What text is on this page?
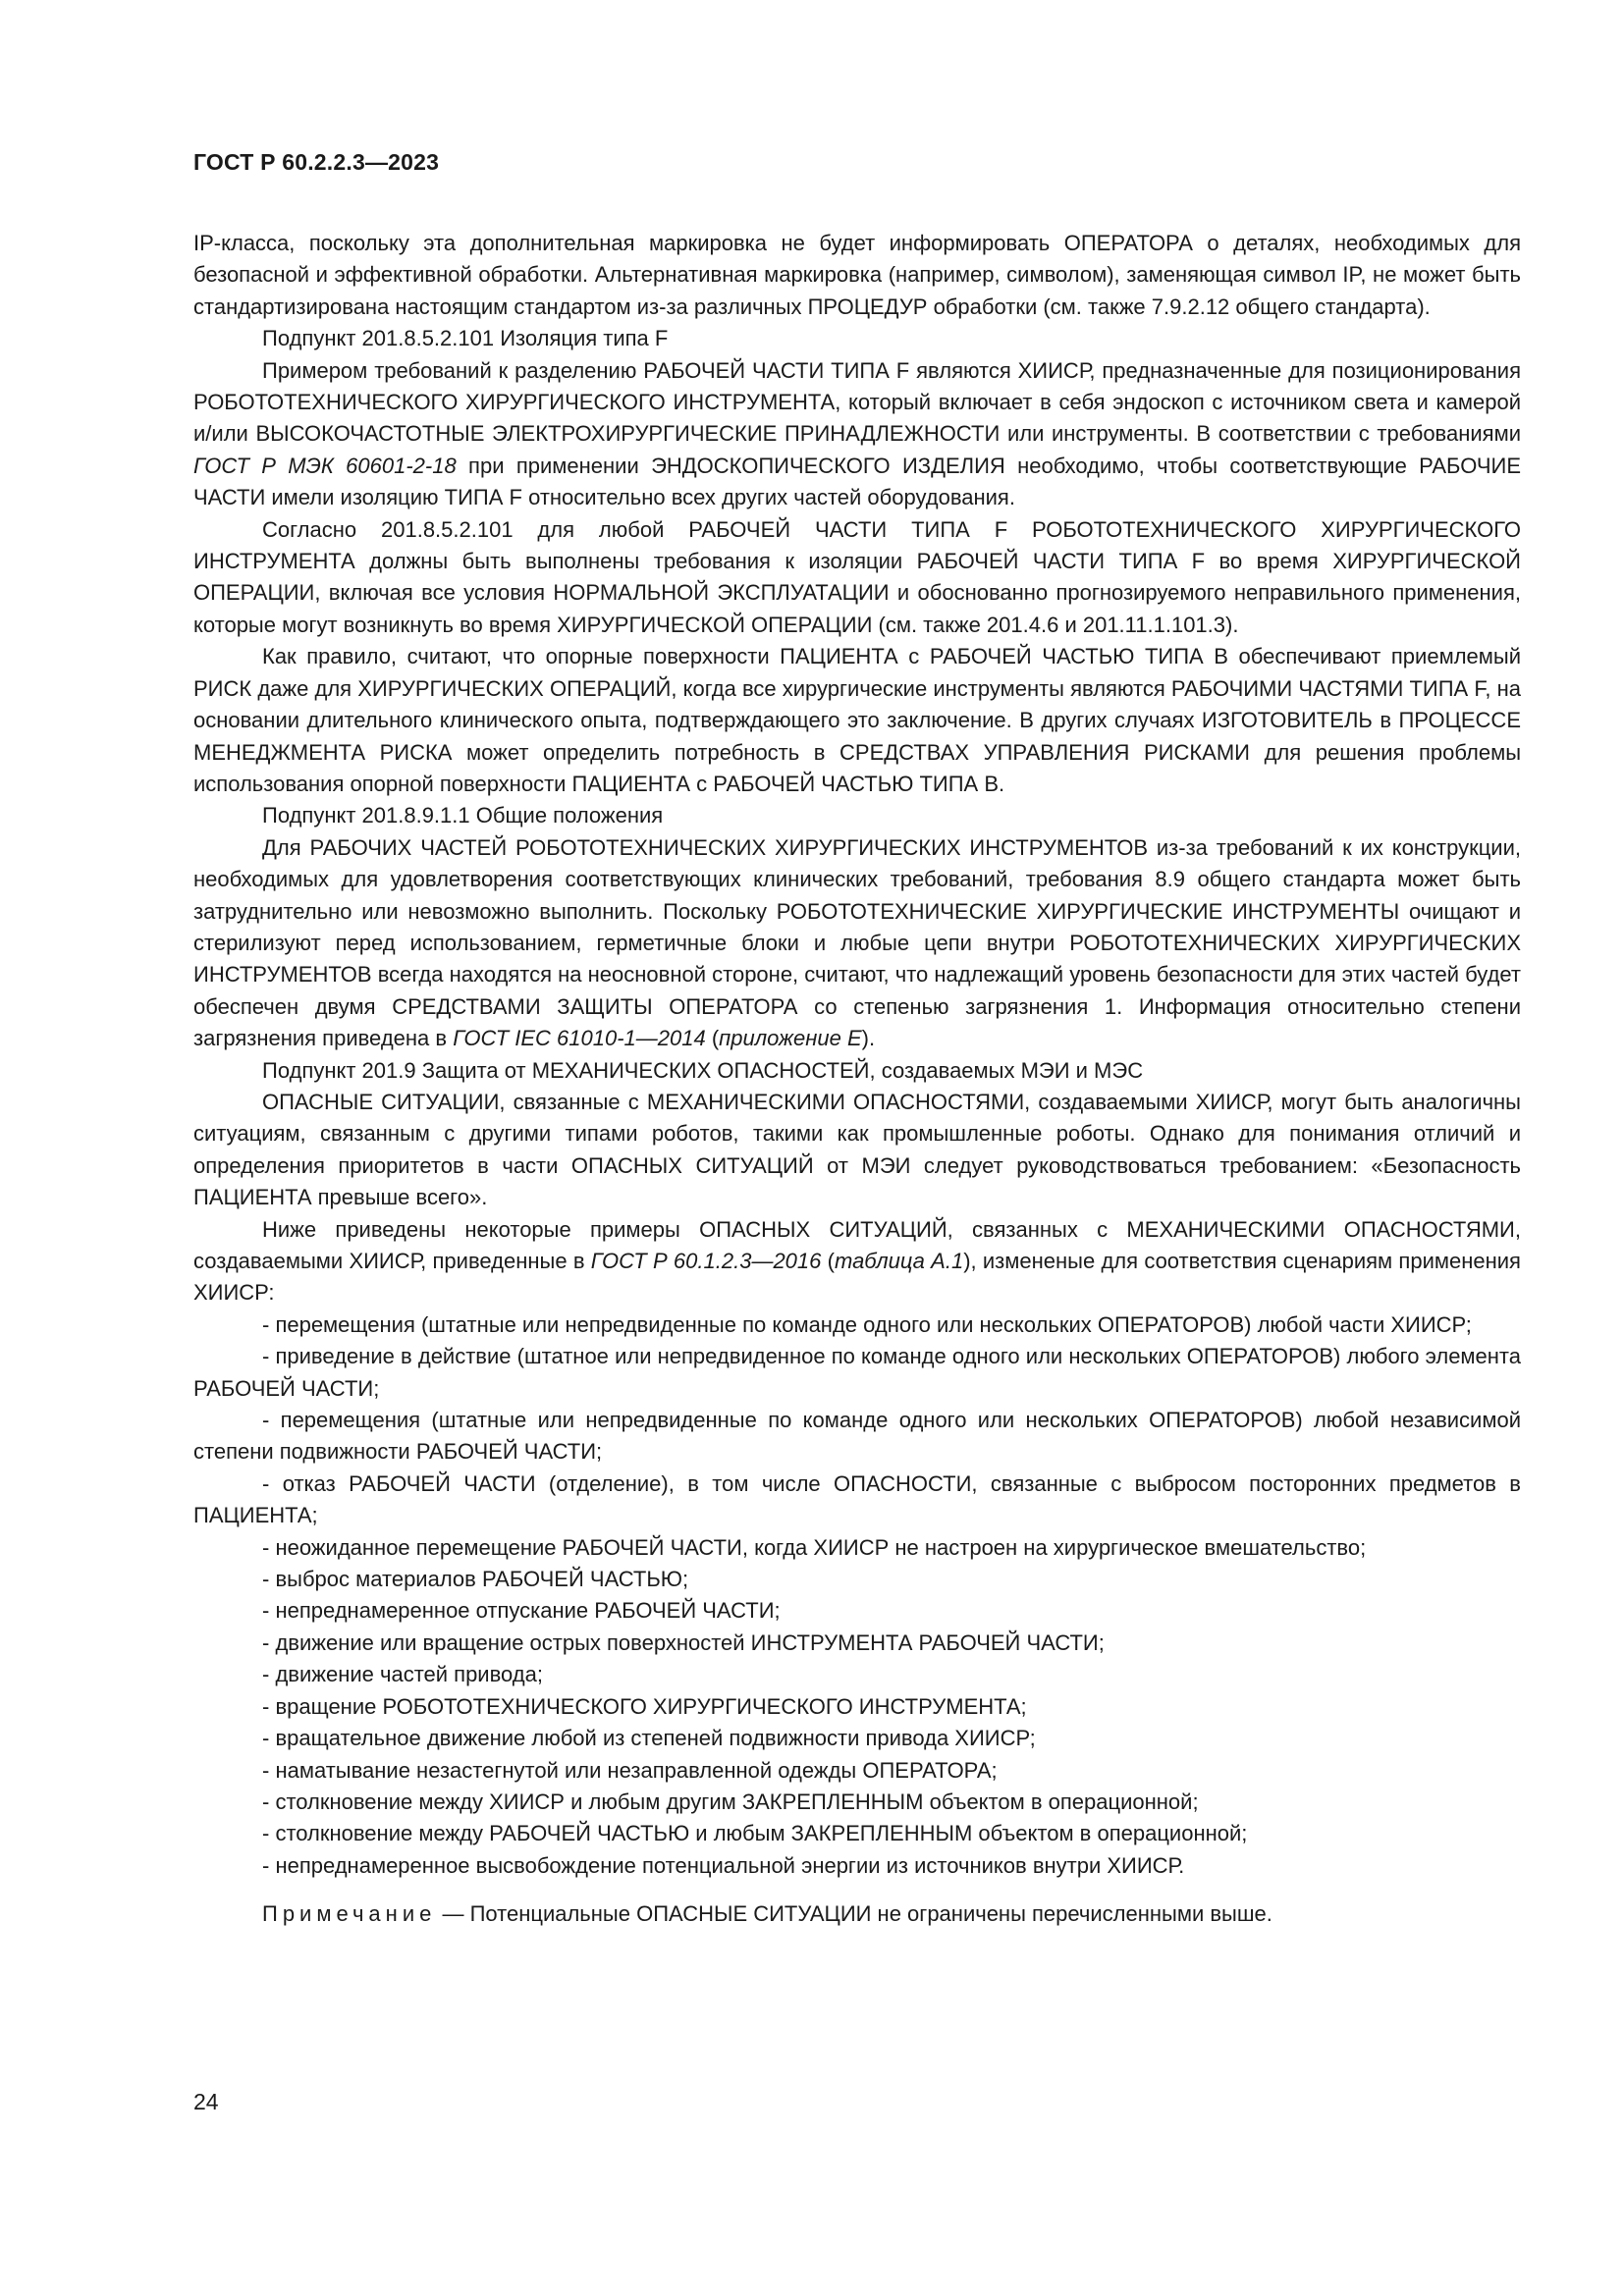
ГОСТ Р 60.2.2.3—2023

IP-класса, поскольку эта дополнительная маркировка не будет информировать ОПЕРАТОРА о деталях, необходимых для безопасной и эффективной обработки. Альтернативная маркировка (например, символом), заменяющая символ IP, не может быть стандартизирована настоящим стандартом из-за различных ПРОЦЕДУР обработки (см. также 7.9.2.12 общего стандарта).

Подпункт 201.8.5.2.101 Изоляция типа F

Примером требований к разделению РАБОЧЕЙ ЧАСТИ ТИПА F являются ХИИСР, предназначенные для позиционирования РОБОТОТЕХНИЧЕСКОГО ХИРУРГИЧЕСКОГО ИНСТРУМЕНТА, который включает в себя эндоскоп с источником света и камерой и/или ВЫСОКОЧАСТОТНЫЕ ЭЛЕКТРОХИРУРГИЧЕСКИЕ ПРИНАДЛЕЖНОСТИ или инструменты. В соответствии с требованиями ГОСТ Р МЭК 60601-2-18 при применении ЭНДОСКОПИЧЕСКОГО ИЗДЕЛИЯ необходимо, чтобы соответствующие РАБОЧИЕ ЧАСТИ имели изоляцию ТИПА F относительно всех других частей оборудования.

Согласно 201.8.5.2.101 для любой РАБОЧЕЙ ЧАСТИ ТИПА F РОБОТОТЕХНИЧЕСКОГО ХИРУРГИЧЕСКОГО ИНСТРУМЕНТА должны быть выполнены требования к изоляции РАБОЧЕЙ ЧАСТИ ТИПА F во время ХИРУРГИЧЕСКОЙ ОПЕРАЦИИ, включая все условия НОРМАЛЬНОЙ ЭКСПЛУАТАЦИИ и обоснованно прогнозируемого неправильного применения, которые могут возникнуть во время ХИРУРГИЧЕСКОЙ ОПЕРАЦИИ (см. также 201.4.6 и 201.11.1.101.3).

Как правило, считают, что опорные поверхности ПАЦИЕНТА с РАБОЧЕЙ ЧАСТЬЮ ТИПА B обеспечивают приемлемый РИСК даже для ХИРУРГИЧЕСКИХ ОПЕРАЦИЙ, когда все хирургические инструменты являются РАБОЧИМИ ЧАСТЯМИ ТИПА F, на основании длительного клинического опыта, подтверждающего это заключение. В других случаях ИЗГОТОВИТЕЛЬ в ПРОЦЕССЕ МЕНЕДЖМЕНТА РИСКА может определить потребность в СРЕДСТВАХ УПРАВЛЕНИЯ РИСКАМИ для решения проблемы использования опорной поверхности ПАЦИЕНТА с РАБОЧЕЙ ЧАСТЬЮ ТИПА B.

Подпункт 201.8.9.1.1 Общие положения

Для РАБОЧИХ ЧАСТЕЙ РОБОТОТЕХНИЧЕСКИХ ХИРУРГИЧЕСКИХ ИНСТРУМЕНТОВ из-за требований к их конструкции, необходимых для удовлетворения соответствующих клинических требований, требования 8.9 общего стандарта может быть затруднительно или невозможно выполнить. Поскольку РОБОТОТЕХНИЧЕСКИЕ ХИРУРГИЧЕСКИЕ ИНСТРУМЕНТЫ очищают и стерилизуют перед использованием, герметичные блоки и любые цепи внутри РОБОТОТЕХНИЧЕСКИХ ХИРУРГИЧЕСКИХ ИНСТРУМЕНТОВ всегда находятся на неосновной стороне, считают, что надлежащий уровень безопасности для этих частей будет обеспечен двумя СРЕДСТВАМИ ЗАЩИТЫ ОПЕРАТОРА со степенью загрязнения 1. Информация относительно степени загрязнения приведена в ГОСТ IEC 61010-1—2014 (приложение Е).

Подпункт 201.9 Защита от МЕХАНИЧЕСКИХ ОПАСНОСТЕЙ, создаваемых МЭИ и МЭС

ОПАСНЫЕ СИТУАЦИИ, связанные с МЕХАНИЧЕСКИМИ ОПАСНОСТЯМИ, создаваемыми ХИИСР, могут быть аналогичны ситуациям, связанным с другими типами роботов, такими как промышленные роботы. Однако для понимания отличий и определения приоритетов в части ОПАСНЫХ СИТУАЦИЙ от МЭИ следует руководствоваться требованием: «Безопасность ПАЦИЕНТА превыше всего».

Ниже приведены некоторые примеры ОПАСНЫХ СИТУАЦИЙ, связанных с МЕХАНИЧЕСКИМИ ОПАСНОСТЯМИ, создаваемыми ХИИСР, приведенные в ГОСТ Р 60.1.2.3—2016 (таблица А.1), измененые для соответствия сценариям применения ХИИСР:

- перемещения (штатные или непредвиденные по команде одного или нескольких ОПЕРАТОРОВ) любой части ХИИСР;

- приведение в действие (штатное или непредвиденное по команде одного или нескольких ОПЕРАТОРОВ) любого элемента РАБОЧЕЙ ЧАСТИ;

- перемещения (штатные или непредвиденные по команде одного или нескольких ОПЕРАТОРОВ) любой независимой степени подвижности РАБОЧЕЙ ЧАСТИ;

- отказ РАБОЧЕЙ ЧАСТИ (отделение), в том числе ОПАСНОСТИ, связанные с выбросом посторонних предметов в ПАЦИЕНТА;

- неожиданное перемещение РАБОЧЕЙ ЧАСТИ, когда ХИИСР не настроен на хирургическое вмешательство;

- выброс материалов РАБОЧЕЙ ЧАСТЬЮ;

- непреднамеренное отпускание РАБОЧЕЙ ЧАСТИ;

- движение или вращение острых поверхностей ИНСТРУМЕНТА РАБОЧЕЙ ЧАСТИ;

- движение частей привода;

- вращение РОБОТОТЕХНИЧЕСКОГО ХИРУРГИЧЕСКОГО ИНСТРУМЕНТА;

- вращательное движение любой из степеней подвижности привода ХИИСР;

- наматывание незастегнутой или незаправленной одежды ОПЕРАТОРА;

- столкновение между ХИИСР и любым другим ЗАКРЕПЛЕННЫМ объектом в операционной;

- столкновение между РАБОЧЕЙ ЧАСТЬЮ и любым ЗАКРЕПЛЕННЫМ объектом в операционной;

- непреднамеренное высвобождение потенциальной энергии из источников внутри ХИИСР.

Примечание — Потенциальные ОПАСНЫЕ СИТУАЦИИ не ограничены перечисленными выше.

24
